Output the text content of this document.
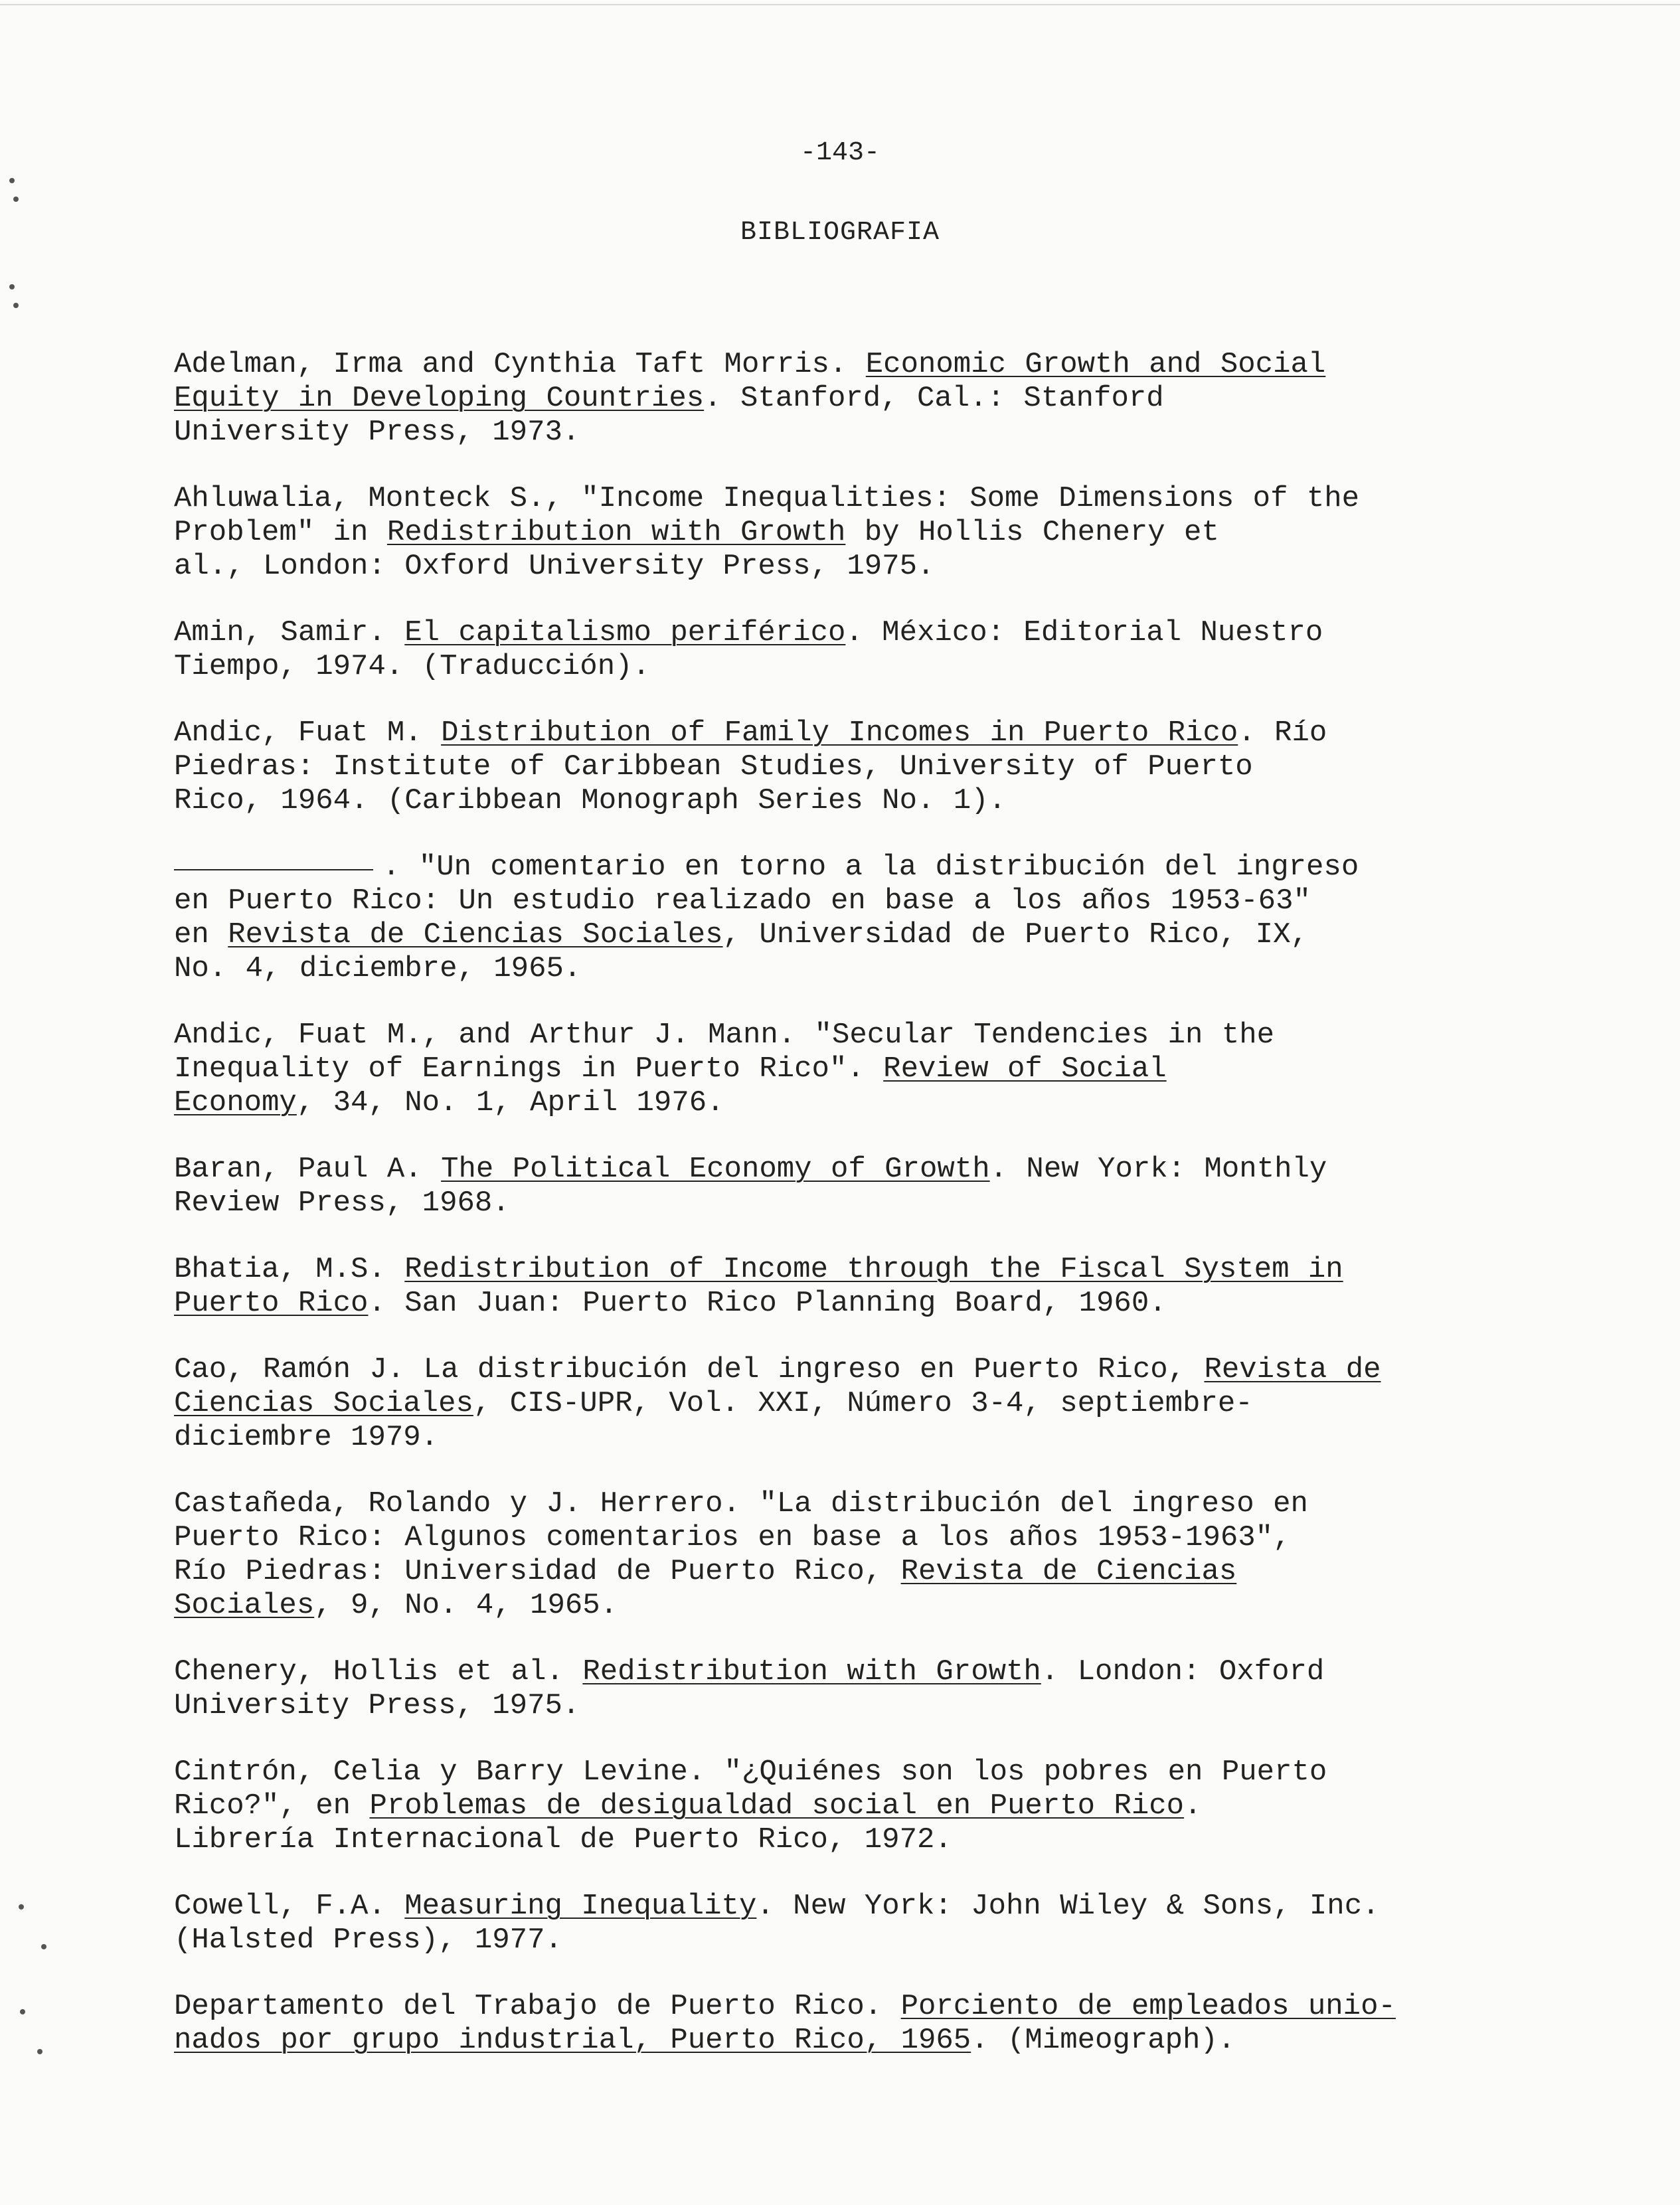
-143-
BIBLIOGRAFIA
Adelman, Irma and Cynthia Taft Morris. Economic Growth and Social
Equity in Developing Countries. Stanford, Cal.: Stanford
University Press, 1973.
Ahluwalia, Monteck S., "Income Inequalities: Some Dimensions of the
Problem" in Redistribution with Growth by Hollis Chenery et
al., London: Oxford University Press, 1975.
Amin, Samir. El capitalismo periférico. México: Editorial Nuestro
Tiempo, 1974. (Traducción).
Andic, Fuat M. Distribution of Family Incomes in Puerto Rico. Río
Piedras: Institute of Caribbean Studies, University of Puerto
Rico, 1964. (Caribbean Monograph Series No. 1).
. "Un comentario en torno a la distribución del ingreso
en Puerto Rico: Un estudio realizado en base a los años 1953-63"
en Revista de Ciencias Sociales, Universidad de Puerto Rico, IX,
No. 4, diciembre, 1965.
Andic, Fuat M., and Arthur J. Mann. "Secular Tendencies in the
Inequality of Earnings in Puerto Rico". Review of Social
Economy, 34, No. 1, April 1976.
Baran, Paul A. The Political Economy of Growth. New York: Monthly
Review Press, 1968.
Bhatia, M.S. Redistribution of Income through the Fiscal System in
Puerto Rico. San Juan: Puerto Rico Planning Board, 1960.
Cao, Ramón J. La distribución del ingreso en Puerto Rico, Revista de
Ciencias Sociales, CIS-UPR, Vol. XXI, Número 3-4, septiembre-
diciembre 1979.
Castañeda, Rolando y J. Herrero. "La distribución del ingreso en
Puerto Rico: Algunos comentarios en base a los años 1953-1963",
Río Piedras: Universidad de Puerto Rico, Revista de Ciencias
Sociales, 9, No. 4, 1965.
Chenery, Hollis et al. Redistribution with Growth. London: Oxford
University Press, 1975.
Cintrón, Celia y Barry Levine. "¿Quiénes son los pobres en Puerto
Rico?", en Problemas de desigualdad social en Puerto Rico.
Librería Internacional de Puerto Rico, 1972.
Cowell, F.A. Measuring Inequality. New York: John Wiley & Sons, Inc.
(Halsted Press), 1977.
Departamento del Trabajo de Puerto Rico. Porciento de empleados unio-
nados por grupo industrial, Puerto Rico, 1965. (Mimeograph).
